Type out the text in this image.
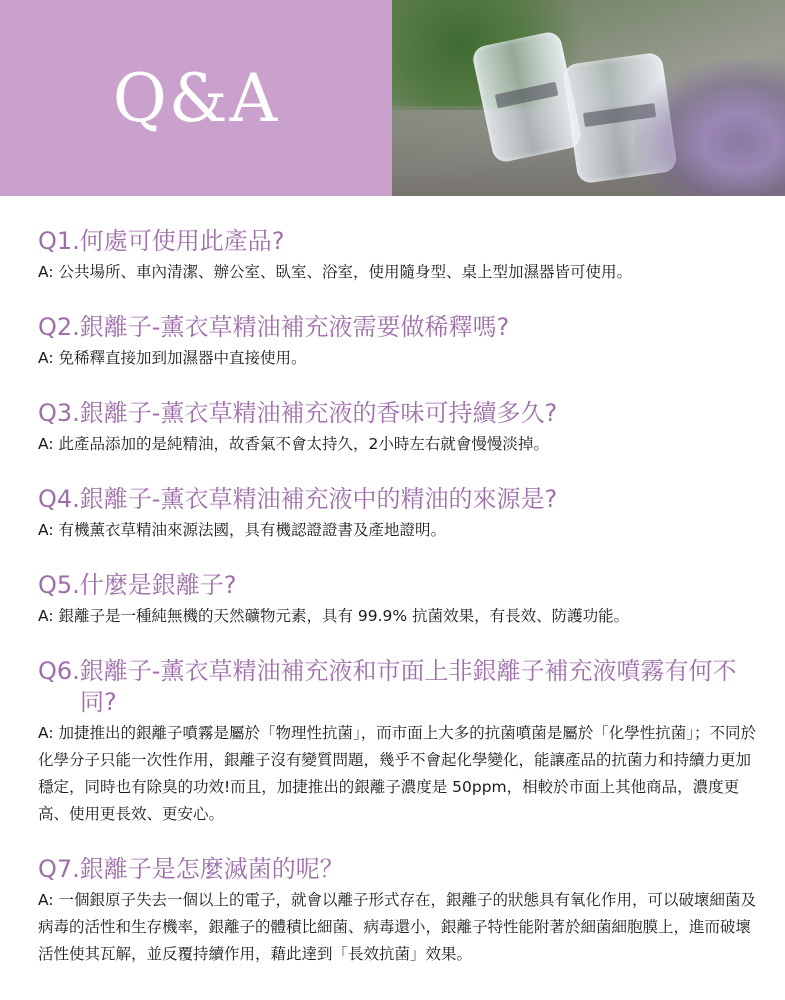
Q&A
Q1.何處可使用此產品?

A: 公共場所、車內清潔、辦公室、臥室、浴室，使用隨身型、桌上型加濕器皆可使用。

Q2.銀離子-薰衣草精油補充液需要做稀釋嗎?

A: 免稀釋直接加到加濕器中直接使用。

Q3.銀離子-薰衣草精油補充液的香味可持續多久?

A: 此產品添加的是純精油，故香氣不會太持久，2小時左右就會慢慢淡掉。

Q4.銀離子-薰衣草精油補充液中的精油的來源是?

A: 有機薰衣草精油來源法國，具有機認證證書及產地證明。

Q5.什麼是銀離子?

A: 銀離子是一種純無機的天然礦物元素，具有 99.9% 抗菌效果，有長效、防護功能。

Q6.銀離子-薰衣草精油補充液和市面上非銀離子補充液噴霧有何不同?

A: 加捷推出的銀離子噴霧是屬於「物理性抗菌」，而市面上大多的抗菌噴菌是屬於「化學性抗菌」；不同於化學分子只能一次性作用，銀離子沒有變質問題，幾乎不會起化學變化，能讓產品的抗菌力和持續力更加穩定，同時也有除臭的功效!而且，加捷推出的銀離子濃度是 50ppm，相較於市面上其他商品，濃度更高、使用更長效、更安心。

Q7.銀離子是怎麼滅菌的呢？

A: 一個銀原子失去一個以上的電子，就會以離子形式存在，銀離子的狀態具有氧化作用，可以破壞細菌及病毒的活性和生存機率，銀離子的體積比細菌、病毒還小，銀離子特性能附著於細菌細胞膜上，進而破壞活性使其瓦解，並反覆持續作用，藉此達到「長效抗菌」效果。
